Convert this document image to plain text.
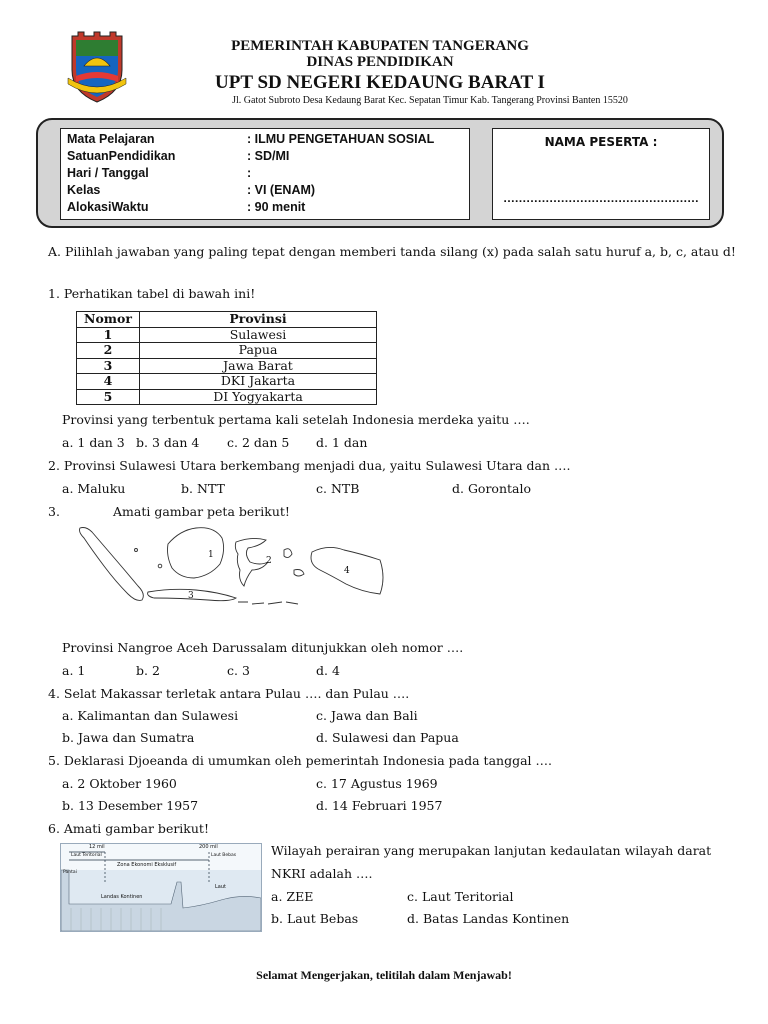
PEMERINTAH KABUPATEN TANGERANG
DINAS PENDIDIKAN
UPT SD NEGERI KEDAUNG BARAT I
Jl. Gatot Subroto Desa Kedaung Barat Kec. Sepatan Timur Kab. Tangerang Provinsi Banten 15520
Mata Pelajaran	: ILMU PENGETAHUAN SOSIAL
SatuanPendidikan	: SD/MI
Hari / Tanggal	:
Kelas	: VI (ENAM)
AlokasiWaktu	: 90 menit
NAMA PESERTA :
……………………………………………
A. Pilihlah jawaban yang paling tepat dengan memberi tanda silang (x) pada salah satu huruf a, b, c, atau d!
1. Perhatikan tabel di bawah ini!
Nomor	Provinsi
1	Sulawesi
2	Papua
3	Jawa Barat
4	DKI Jakarta
5	DI Yogyakarta
Provinsi yang terbentuk pertama kali setelah Indonesia merdeka yaitu ….
a. 1 dan 3 b. 3 dan 4 c. 2 dan 5 d. 1 dan
2. Provinsi Sulawesi Utara berkembang menjadi dua, yaitu Sulawesi Utara dan ….
a. Maluku	b. NTT	c. NTB	d. Gorontalo
3.	Amati gambar peta berikut!
1
2
3
4
Provinsi Nangroe Aceh Darussalam ditunjukkan oleh nomor ….
a. 1	b. 2	c. 3	d. 4
4. Selat Makassar terletak antara Pulau …. dan Pulau ….
a. Kalimantan dan Sulawesi	c. Jawa dan Bali
b. Jawa dan Sumatra	d. Sulawesi dan Papua
5. Deklarasi Djoeanda di umumkan oleh pemerintah Indonesia pada tanggal ….
a. 2 Oktober 1960	c. 17 Agustus 1969
b. 13 Desember 1957	d. 14 Februari 1957
6. Amati gambar berikut!
12 mil	200 mil
Laut Teritorial
Zona Ekonomi Eksklusif
Laut Bebas
Pantai
Landas Kontinen
Laut
Wilayah perairan yang merupakan lanjutan kedaulatan wilayah darat
NKRI adalah ….
a. ZEE	c. Laut Teritorial
b. Laut Bebas	d. Batas Landas Kontinen
Selamat Mengerjakan, telitilah dalam Menjawab!
